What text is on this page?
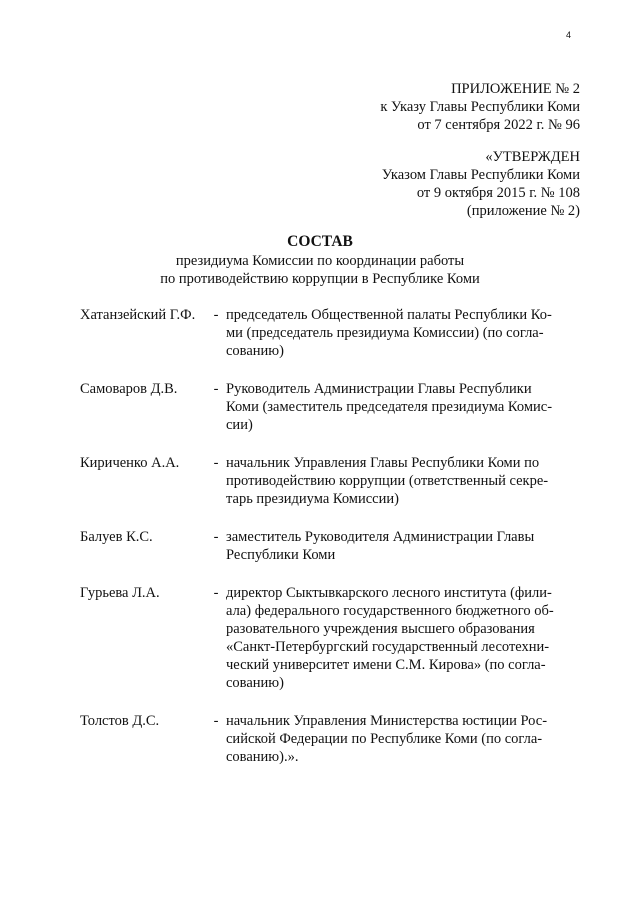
4
ПРИЛОЖЕНИЕ № 2
к Указу Главы Республики Коми
от 7 сентября 2022 г. № 96
«УТВЕРЖДЕН
Указом Главы Республики Коми
от 9 октября 2015 г. № 108
(приложение № 2)
СОСТАВ
президиума Комиссии по координации работы
по противодействию коррупции в Республике Коми
Хатанзейский Г.Ф.	- председатель Общественной палаты Республики Ко-
ми (председатель президиума Комиссии) (по согла-
сованию)
Самоваров Д.В.	- Руководитель Администрации Главы Республики
Коми (заместитель председателя президиума Комис-
сии)
Кириченко А.А.	- начальник Управления Главы Республики Коми по
противодействию коррупции (ответственный секре-
тарь президиума Комиссии)
Балуев К.С.	- заместитель Руководителя Администрации Главы
Республики Коми
Гурьева Л.А.	- директор Сыктывкарского лесного института (фили-
ала) федерального государственного бюджетного об-
разовательного учреждения высшего образования
«Санкт-Петербургский государственный лесотехни-
ческий университет имени С.М. Кирова» (по согла-
сованию)
Толстов Д.С.	- начальник Управления Министерства юстиции Рос-
сийской Федерации по Республике Коми (по согла-
сованию).».
